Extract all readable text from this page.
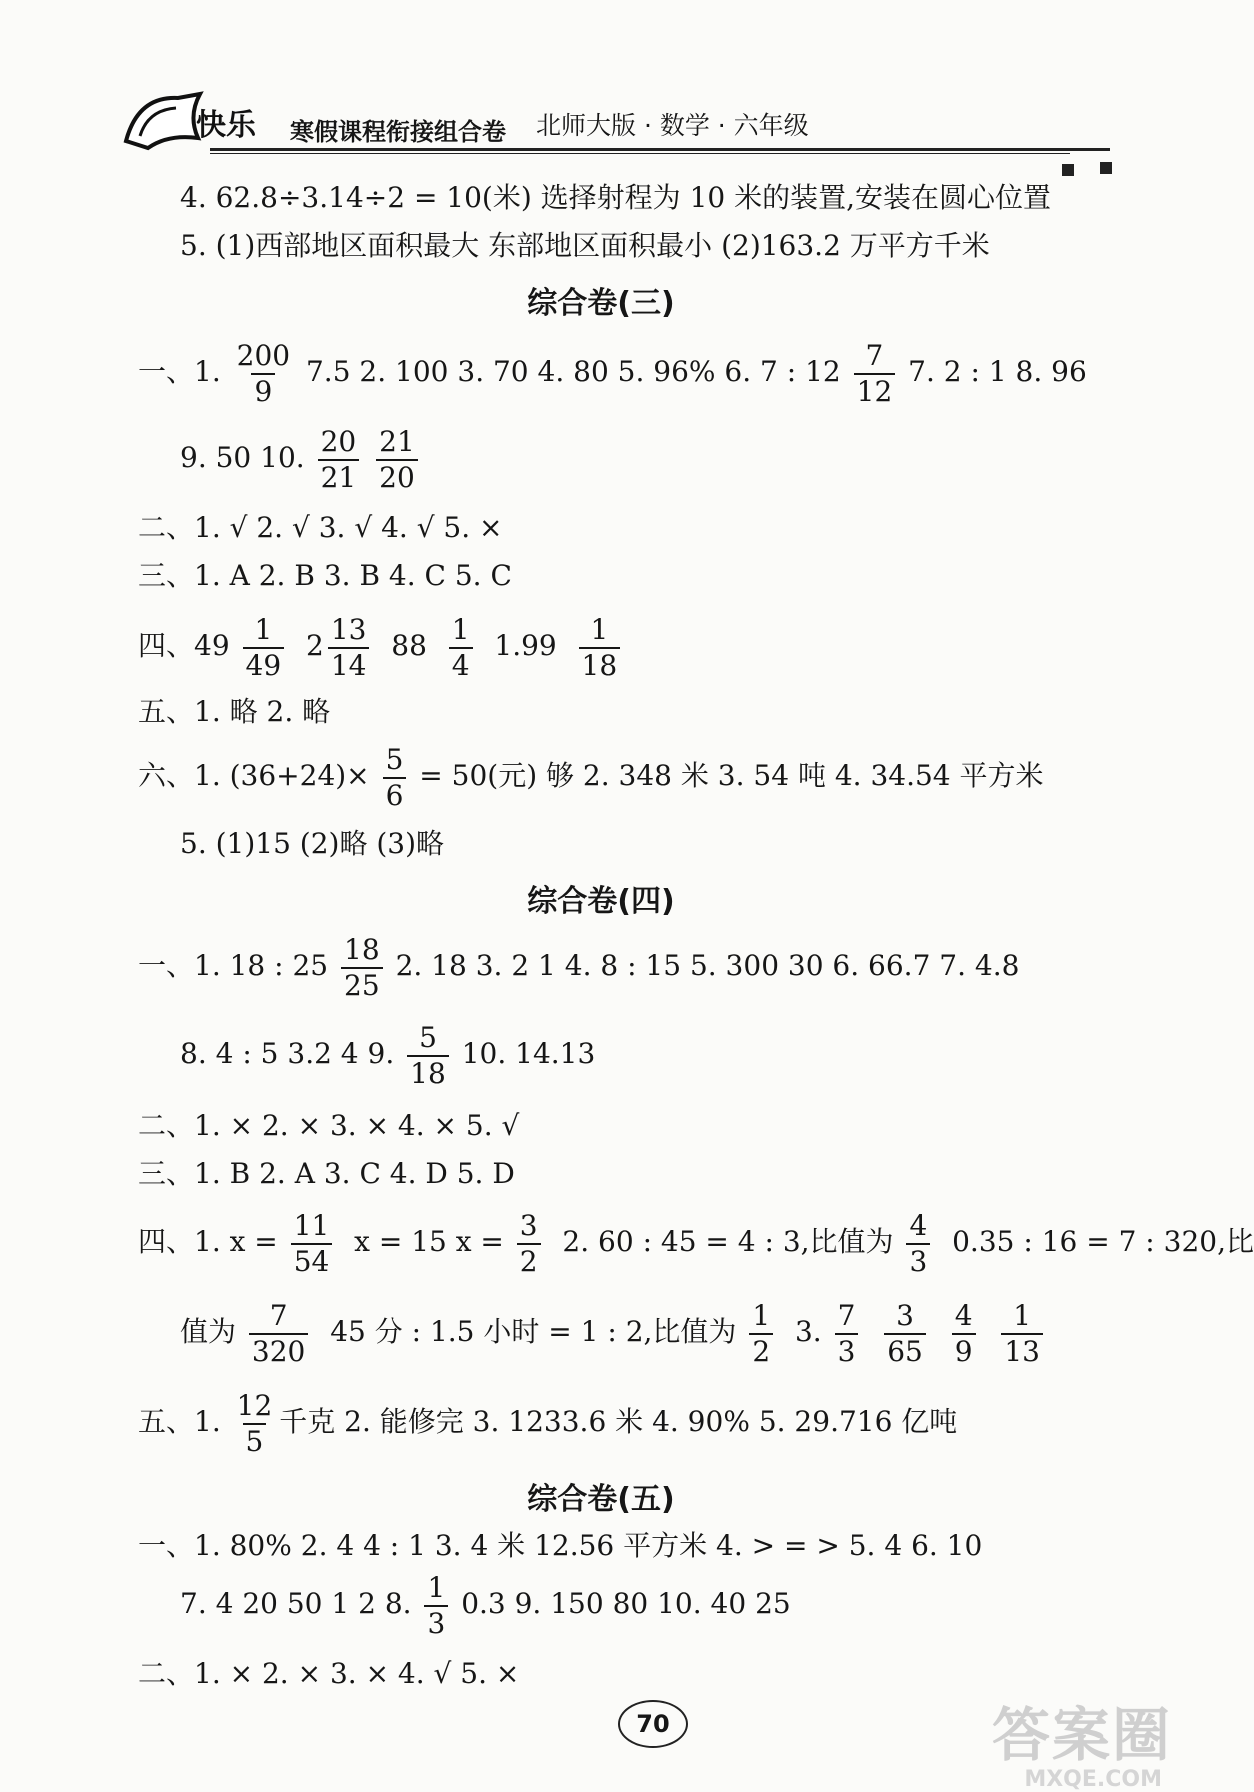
快乐 寒假课程衔接组合卷 北师大版 · 数学 · 六年级
4. 62.8÷3.14÷2 = 10(米) 选择射程为 10 米的装置,安装在圆心位置
5. (1)西部地区面积最大 东部地区面积最小 (2)163.2 万平方千米
综合卷(三)
一、1. $\frac{200}{9} 7.5$ 2. 100 3. 70 4. 80 5. 96% 6. 7 : $12 \frac{7}{12} 7$. 2 : 1 8. 96
9. 50 10. $\frac{20}{21}$
$\frac{21}{20}$
二、1. √ 2. √ 3. √ 4. √ 5. ×
三、1. A 2. B 3. B 4. C 5. C
四、$49 \frac{1}{49} 2 \frac{13}{14} 88 \frac{1}{4} 1.99 \frac{1}{18}$
五、1. 略 2. 略
六、1. $(36+24)\times \frac{5}{6} = 50$(元) 够 2. 348 米 3. 54 吨 4. 34.54 平方米
5. (1)15 (2)略 (3)略
综合卷(四)
一、1. 18 : $25 \frac{18}{25} 2$. 18 3. 2 1 4. 8 : 15 5. 300 30 6. 66.7 7. 4.8
8. 4 : 5 3.2 4 9. $\frac{5}{18} 10$. 14.13
二、1. × 2. × 3. × 4. × 5. √
三、1. B 2. A 3. C 4. D 5. D
四、1. $x = \frac{11}{54}$ x = 15 $x = \frac{3}{2} 2$. 60 : 45 = 4 : 3,比值为 $\frac{4}{3} 0.35$ : 16 = 7 : 320,比
值为 $\frac{7}{320} 45$ 分 : 1.5 小时 = 1 : 2,比值为 $\frac{1}{2} 3$. $\frac{7}{3}$
$\frac{3}{65}$
$\frac{4}{9}$
$\frac{1}{13}$
五、1. $\frac{12}{5}$ 千克 2. 能修完 3. 1233.6 米 4. 90% 5. 29.716 亿吨
综合卷(五)
一、1. 80% 2. 4 4 : 1 3. 4 米 12.56 平方米 4. > = > 5. 4 6. 10
7. 4 20 50 1 2 8. $\frac{1}{3} 0.3$ 9. 150 80 10. 40 25
二、1. × 2. × 3. × 4. √ 5. ×
70	答案圈
MXQE.COM
